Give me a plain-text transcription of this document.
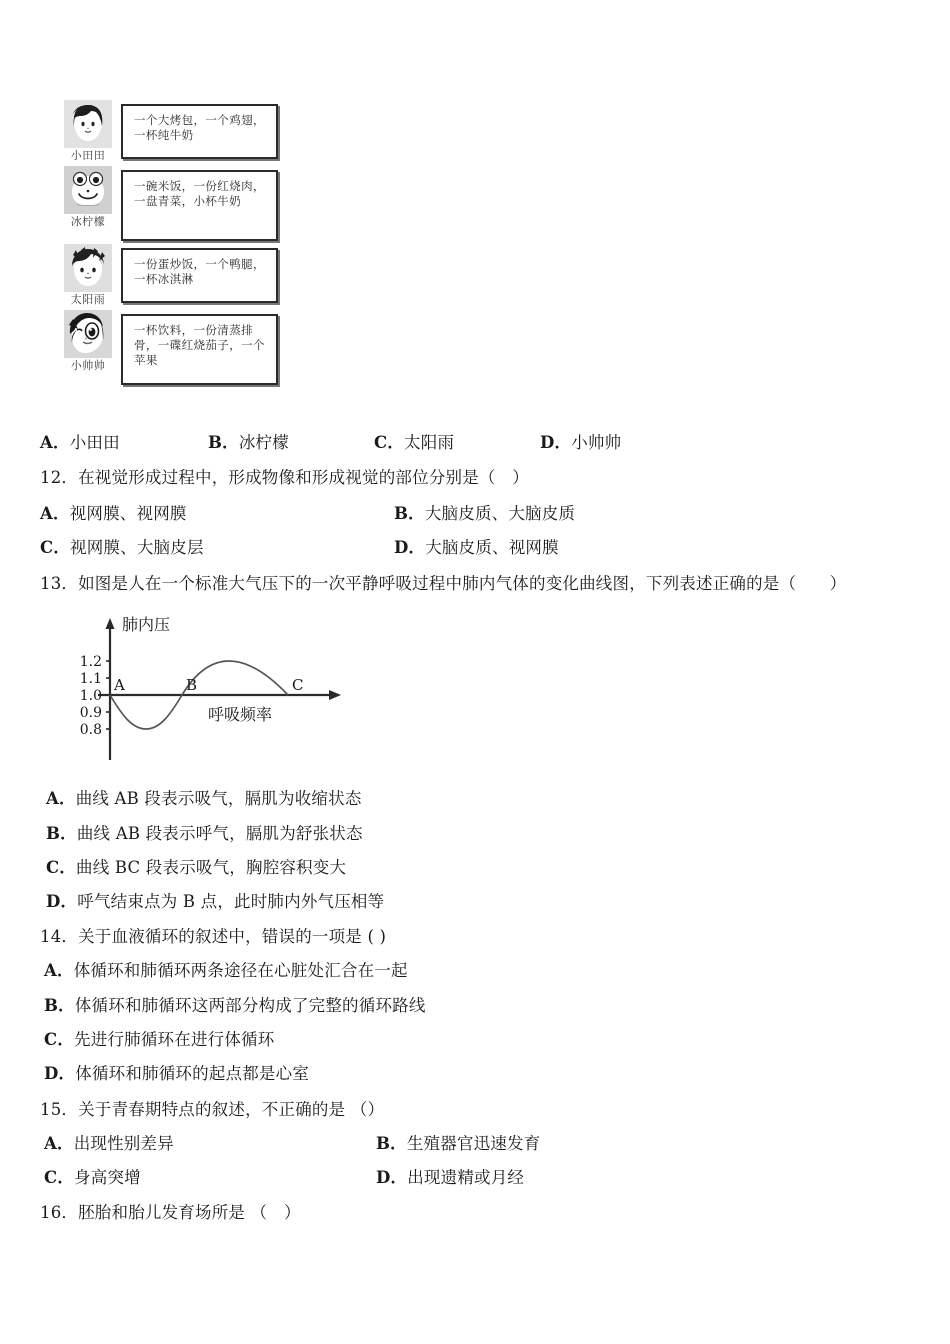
小田田
一个大烤包，一个鸡翅，一杯纯牛奶
冰柠檬
一碗米饭，一份红烧肉，一盘青菜，小杯牛奶
太阳雨
一份蛋炒饭，一个鸭腿，一杯冰淇淋
小帅帅
一杯饮料，一份清蒸排骨，一碟红烧茄子，一个苹果
A．小田田	B．冰柠檬	C．太阳雨	D．小帅帅
12．在视觉形成过程中，形成物像和形成视觉的部位分别是（　）
A．视网膜、视网膜	B．大脑皮质、大脑皮质
C．视网膜、大脑皮层	D．大脑皮质、视网膜
13．如图是人在一个标准大气压下的一次平静呼吸过程中肺内气体的变化曲线图，下列表述正确的是（　　）
1.2
1.1
1.0
0.9
0.8
肺内压
呼吸频率
A	B	C
A．曲线 AB 段表示吸气，膈肌为收缩状态
B．曲线 AB 段表示呼气，膈肌为舒张状态
C．曲线 BC 段表示吸气，胸腔容积变大
D．呼气结束点为 B 点，此时肺内外气压相等
14．关于血液循环的叙述中，错误的一项是 ( )
A．体循环和肺循环两条途径在心脏处汇合在一起
B．体循环和肺循环这两部分构成了完整的循环路线
C．先进行肺循环在进行体循环
D．体循环和肺循环的起点都是心室
15．关于青春期特点的叙述，不正确的是 （）
A．出现性别差异	B．生殖器官迅速发育
C．身高突增	D．出现遗精或月经
16．胚胎和胎儿发育场所是 （　）
